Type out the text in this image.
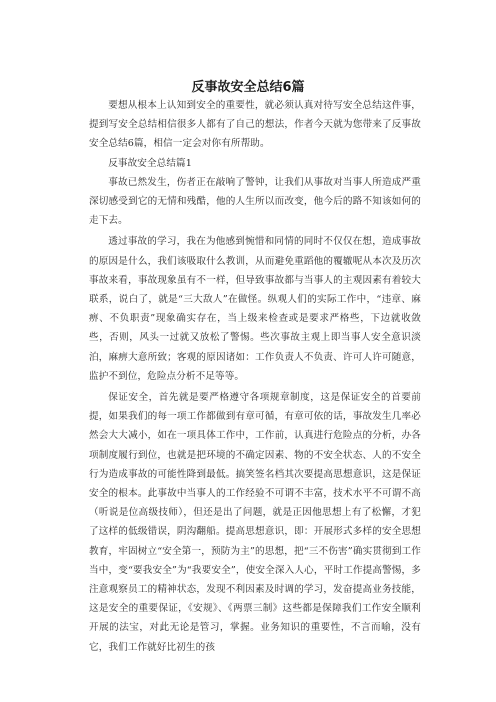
反事故安全总结6篇

要想从根本上认知到安全的重要性，就必须认真对待写安全总结这件事，提到写安全总结相信很多人都有了自己的想法，作者今天就为您带来了反事故安全总结6篇，相信一定会对你有所帮助。

反事故安全总结篇1

事故已然发生，伤者正在敲响了警钟，让我们从事故对当事人所造成严重深切感受到它的无情和残酷，他的人生所以而改变，他今后的路不知该如何的走下去。

透过事故的学习，我在为他感到惋惜和同情的同时不仅仅在想，造成事故的原因是什么，我们该吸取什么教训，从而避免重蹈他的覆辙呢从本次及历次事故来看，事故现象虽有不一样，但导致事故都与当事人的主观因素有着较大联系，说白了，就是“三大敌人”在做怪。纵观人们的实际工作中，“违章、麻痹、不负职责”现象确实存在，当上级来检查或是要求严格些，下边就收敛些，否则，风头一过就又放松了警惕。些次事故主观上即当事人安全意识淡泊，麻痹大意所致；客观的原因诸如：工作负责人不负责、许可人许可随意，监护不到位，危险点分析不足等等。

保证安全，首先就是要严格遵守各项规章制度，这是保证安全的首要前提，如果我们的每一项工作都做到有章可循，有章可依的话，事故发生几率必然会大大减小，如在一项具体工作中，工作前，认真进行危险点的分析，办各项制度履行到位，也就是把环境的不确定因素、物的不安全状态、人的不安全行为造成事故的可能性降到最低。搞笑签名档其次要提高思想意识，这是保证安全的根本。此事故中当事人的工作经验不可谓不丰富，技术水平不可谓不高（听说是位高级技师），但还是出了问题，就是正因他思想上有了松懈，才犯了这样的低级错误，阴沟翻船。提高思想意识，即：开展形式多样的安全思想教育，牢固树立“安全第一，预防为主”的思想，把“三不伤害”确实贯彻到工作当中，变“要我安全”为“我要安全”，使安全深入人心，平时工作提高警惕，多注意观察员工的精神状态，发现不利因素及时调的学习，发奋提高业务技能，这是安全的重要保证，《安规》、《两票三制》这些都是保障我们工作安全顺利开展的法宝，对此无论是管习，掌握。业务知识的重要性，不言而喻，没有它，我们工作就好比初生的孩
